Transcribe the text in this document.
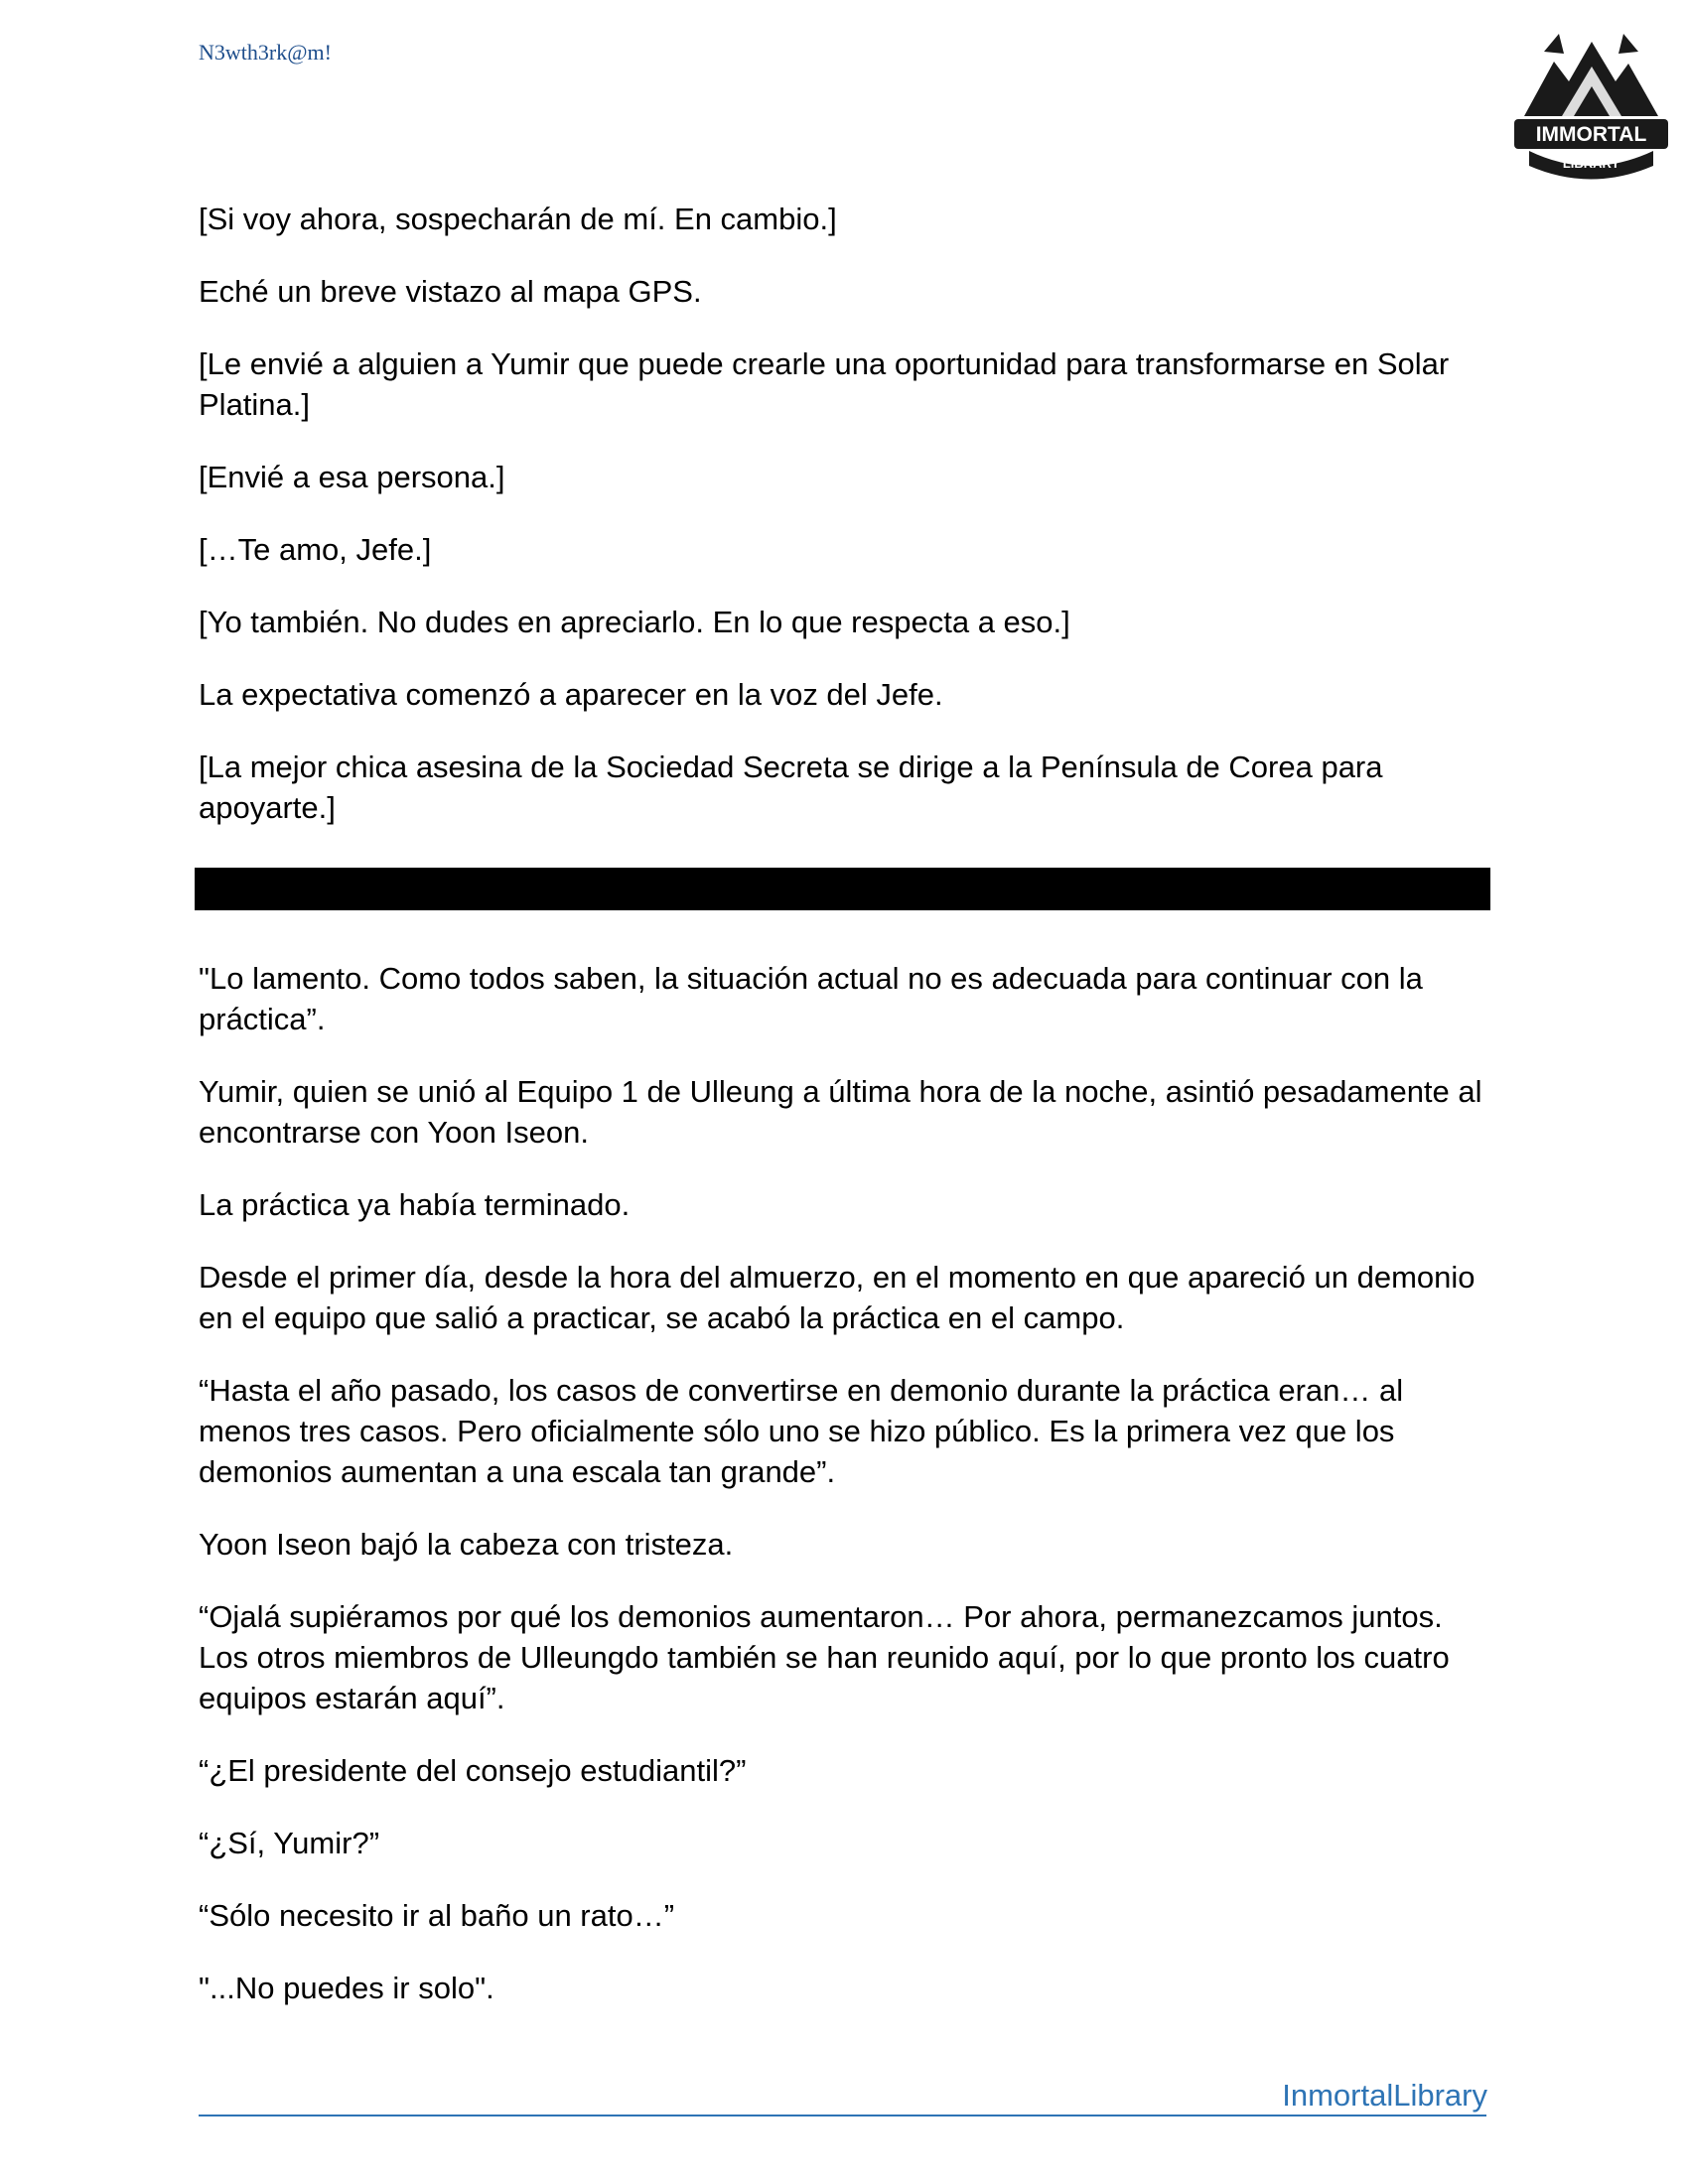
N3wth3rk@m!
IMMORTAL
LIBRARY

[Si voy ahora, sospecharán de mí. En cambio.]

Eché un breve vistazo al mapa GPS.

[Le envié a alguien a Yumir que puede crearle una oportunidad para transformarse en Solar Platina.]

[Envié a esa persona.]

[…Te amo, Jefe.]

[Yo también. No dudes en apreciarlo. En lo que respecta a eso.]

La expectativa comenzó a aparecer en la voz del Jefe.

[La mejor chica asesina de la Sociedad Secreta se dirige a la Península de Corea para apoyarte.]

"Lo lamento. Como todos saben, la situación actual no es adecuada para continuar con la práctica”.

Yumir, quien se unió al Equipo 1 de Ulleung a última hora de la noche, asintió pesadamente al encontrarse con Yoon Iseon.

La práctica ya había terminado.

Desde el primer día, desde la hora del almuerzo, en el momento en que apareció un demonio en el equipo que salió a practicar, se acabó la práctica en el campo.

“Hasta el año pasado, los casos de convertirse en demonio durante la práctica eran… al menos tres casos. Pero oficialmente sólo uno se hizo público. Es la primera vez que los demonios aumentan a una escala tan grande”.

Yoon Iseon bajó la cabeza con tristeza.

“Ojalá supiéramos por qué los demonios aumentaron… Por ahora, permanezcamos juntos. Los otros miembros de Ulleungdo también se han reunido aquí, por lo que pronto los cuatro equipos estarán aquí”.

“¿El presidente del consejo estudiantil?”

“¿Sí, Yumir?”

“Sólo necesito ir al baño un rato…”

"...No puedes ir solo".

InmortalLibrary
